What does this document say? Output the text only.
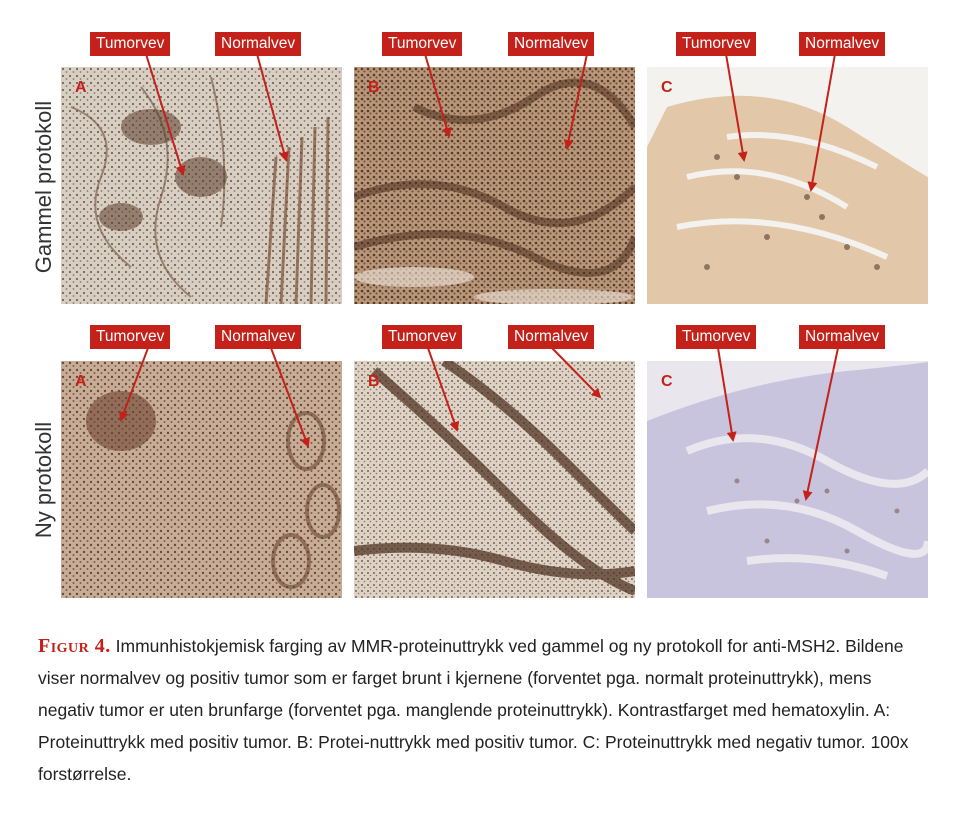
Gammel protokoll
Ny protokoll
A	B	C
A	B	C
Tumorvev	Normalvev	Tumorvev	Normalvev	Tumorvev	Normalvev
Tumorvev	Normalvev	Tumorvev	Normalvev	Tumorvev	Normalvev
Figur 4. Immunhistokjemisk farging av MMR-proteinuttrykk ved gammel og ny protokoll for anti-MSH2. Bildene viser normalvev og positiv tumor som er farget brunt i kjernene (forventet pga. normalt proteinuttrykk), mens negativ tumor er uten brunfarge (forventet pga. manglende proteinuttrykk). Kontrastfarget med hematoxylin. A: Proteinuttrykk med positiv tumor. B: Protei-nuttrykk med positiv tumor. C: Proteinuttrykk med negativ tumor. 100x forstørrelse.
